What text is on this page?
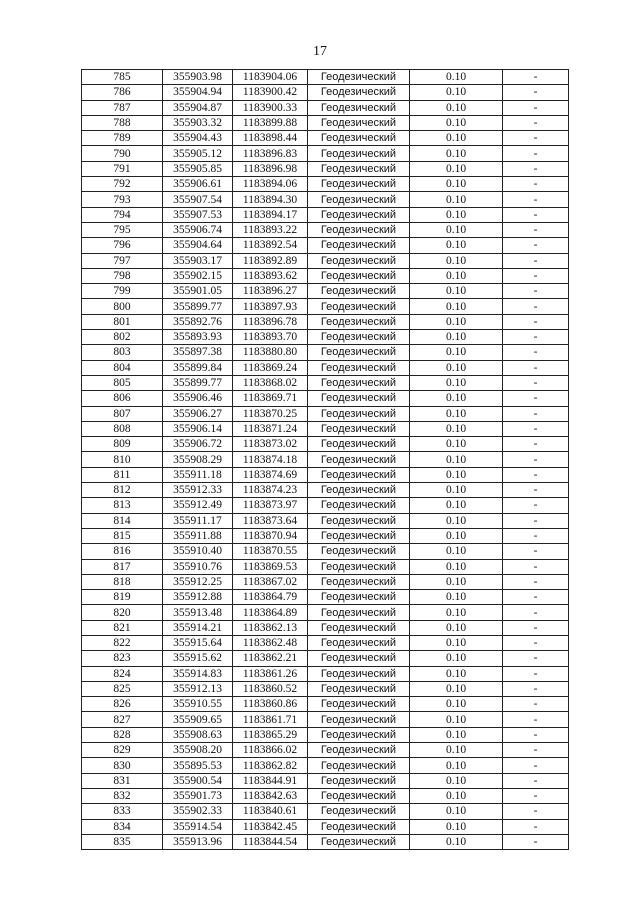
17
785	355903.98	1183904.06	Геодезический	0.10	-
786	355904.94	1183900.42	Геодезический	0.10	-
787	355904.87	1183900.33	Геодезический	0.10	-
788	355903.32	1183899.88	Геодезический	0.10	-
789	355904.43	1183898.44	Геодезический	0.10	-
790	355905.12	1183896.83	Геодезический	0.10	-
791	355905.85	1183896.98	Геодезический	0.10	-
792	355906.61	1183894.06	Геодезический	0.10	-
793	355907.54	1183894.30	Геодезический	0.10	-
794	355907.53	1183894.17	Геодезический	0.10	-
795	355906.74	1183893.22	Геодезический	0.10	-
796	355904.64	1183892.54	Геодезический	0.10	-
797	355903.17	1183892.89	Геодезический	0.10	-
798	355902.15	1183893.62	Геодезический	0.10	-
799	355901.05	1183896.27	Геодезический	0.10	-
800	355899.77	1183897.93	Геодезический	0.10	-
801	355892.76	1183896.78	Геодезический	0.10	-
802	355893.93	1183893.70	Геодезический	0.10	-
803	355897.38	1183880.80	Геодезический	0.10	-
804	355899.84	1183869.24	Геодезический	0.10	-
805	355899.77	1183868.02	Геодезический	0.10	-
806	355906.46	1183869.71	Геодезический	0.10	-
807	355906.27	1183870.25	Геодезический	0.10	-
808	355906.14	1183871.24	Геодезический	0.10	-
809	355906.72	1183873.02	Геодезический	0.10	-
810	355908.29	1183874.18	Геодезический	0.10	-
811	355911.18	1183874.69	Геодезический	0.10	-
812	355912.33	1183874.23	Геодезический	0.10	-
813	355912.49	1183873.97	Геодезический	0.10	-
814	355911.17	1183873.64	Геодезический	0.10	-
815	355911.88	1183870.94	Геодезический	0.10	-
816	355910.40	1183870.55	Геодезический	0.10	-
817	355910.76	1183869.53	Геодезический	0.10	-
818	355912.25	1183867.02	Геодезический	0.10	-
819	355912.88	1183864.79	Геодезический	0.10	-
820	355913.48	1183864.89	Геодезический	0.10	-
821	355914.21	1183862.13	Геодезический	0.10	-
822	355915.64	1183862.48	Геодезический	0.10	-
823	355915.62	1183862.21	Геодезический	0.10	-
824	355914.83	1183861.26	Геодезический	0.10	-
825	355912.13	1183860.52	Геодезический	0.10	-
826	355910.55	1183860.86	Геодезический	0.10	-
827	355909.65	1183861.71	Геодезический	0.10	-
828	355908.63	1183865.29	Геодезический	0.10	-
829	355908.20	1183866.02	Геодезический	0.10	-
830	355895.53	1183862.82	Геодезический	0.10	-
831	355900.54	1183844.91	Геодезический	0.10	-
832	355901.73	1183842.63	Геодезический	0.10	-
833	355902.33	1183840.61	Геодезический	0.10	-
834	355914.54	1183842.45	Геодезический	0.10	-
835	355913.96	1183844.54	Геодезический	0.10	-
